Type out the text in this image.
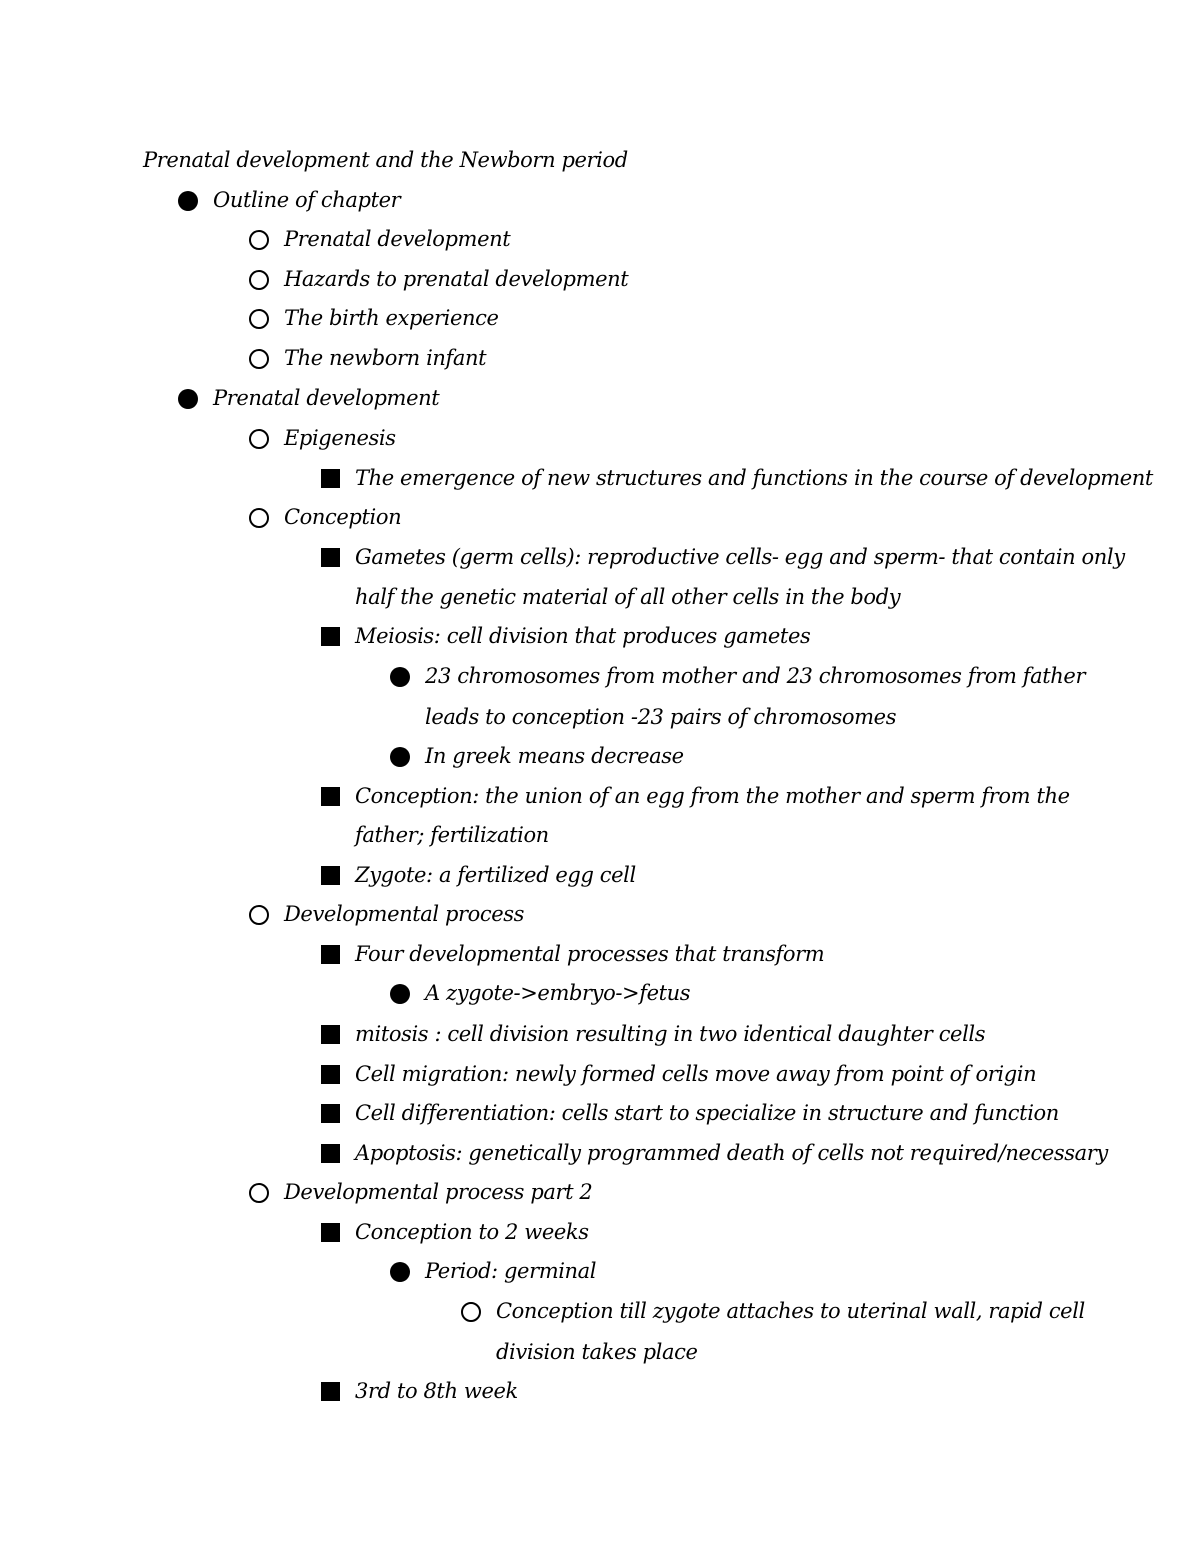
Prenatal development and the Newborn period
Outline of chapter
Prenatal development
Hazards to prenatal development
The birth experience
The newborn infant
Prenatal development
Epigenesis
The emergence of new structures and functions in the course of development
Conception
Gametes (germ cells): reproductive cells- egg and sperm- that contain only
half the genetic material of all other cells in the body
Meiosis: cell division that produces gametes
23 chromosomes from mother and 23 chromosomes from father
leads to conception -23 pairs of chromosomes
In greek means decrease
Conception: the union of an egg from the mother and sperm from the
father; fertilization
Zygote: a fertilized egg cell
Developmental process
Four developmental processes that transform
A zygote->embryo->fetus
mitosis : cell division resulting in two identical daughter cells
Cell migration: newly formed cells move away from point of origin
Cell differentiation: cells start to specialize in structure and function
Apoptosis: genetically programmed death of cells not required/necessary
Developmental process part 2
Conception to 2 weeks
Period: germinal
Conception till zygote attaches to uterinal wall, rapid cell
division takes place
3rd to 8th week
